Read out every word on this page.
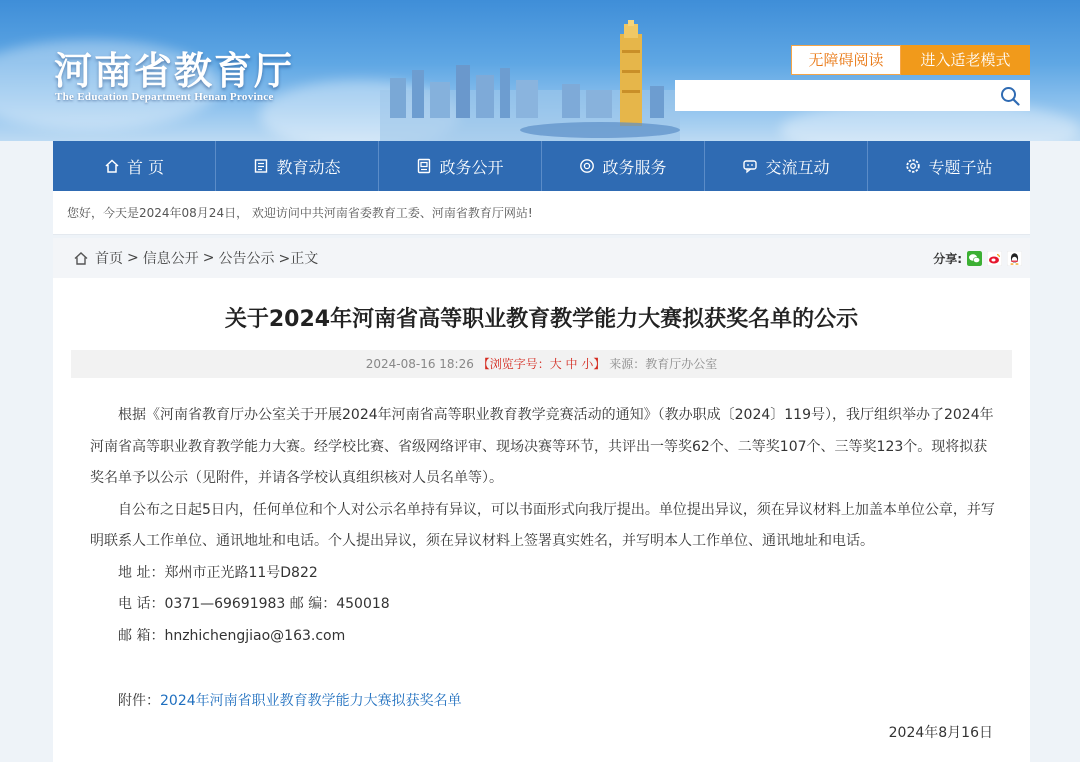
河南省教育厅
The Education Department Henan Province
无障碍阅读	进入适老模式
首 页	教育动态	政务公开	政务服务	交流互动	专题子站
您好，今天是2024年08月24日， 欢迎访问中共河南省委教育工委、河南省教育厅网站!
首页 > 信息公开 > 公告公示 >正文	分享:
关于2024年河南省高等职业教育教学能力大赛拟获奖名单的公示
2024-08-16 18:26 【浏览字号：大 中 小】 来源：教育厅办公室

根据《河南省教育厅办公室关于开展2024年河南省高等职业教育教学竞赛活动的通知》（教办职成〔2024〕119号），我厅组织举办了2024年河南省高等职业教育教学能力大赛。经学校比赛、省级网络评审、现场决赛等环节，共评出一等奖62个、二等奖107个、三等奖123个。现将拟获奖名单予以公示（见附件，并请各学校认真组织核对人员名单等）。

自公布之日起5日内，任何单位和个人对公示名单持有异议，可以书面形式向我厅提出。单位提出异议，须在异议材料上加盖本单位公章，并写明联系人工作单位、通讯地址和电话。个人提出异议，须在异议材料上签署真实姓名，并写明本人工作单位、通讯地址和电话。

地 址：郑州市正光路11号D822

电 话：0371—69691983 邮 编：450018

邮 箱：hnzhichengjiao@163.com

附件：2024年河南省职业教育教学能力大赛拟获奖名单
2024年8月16日
